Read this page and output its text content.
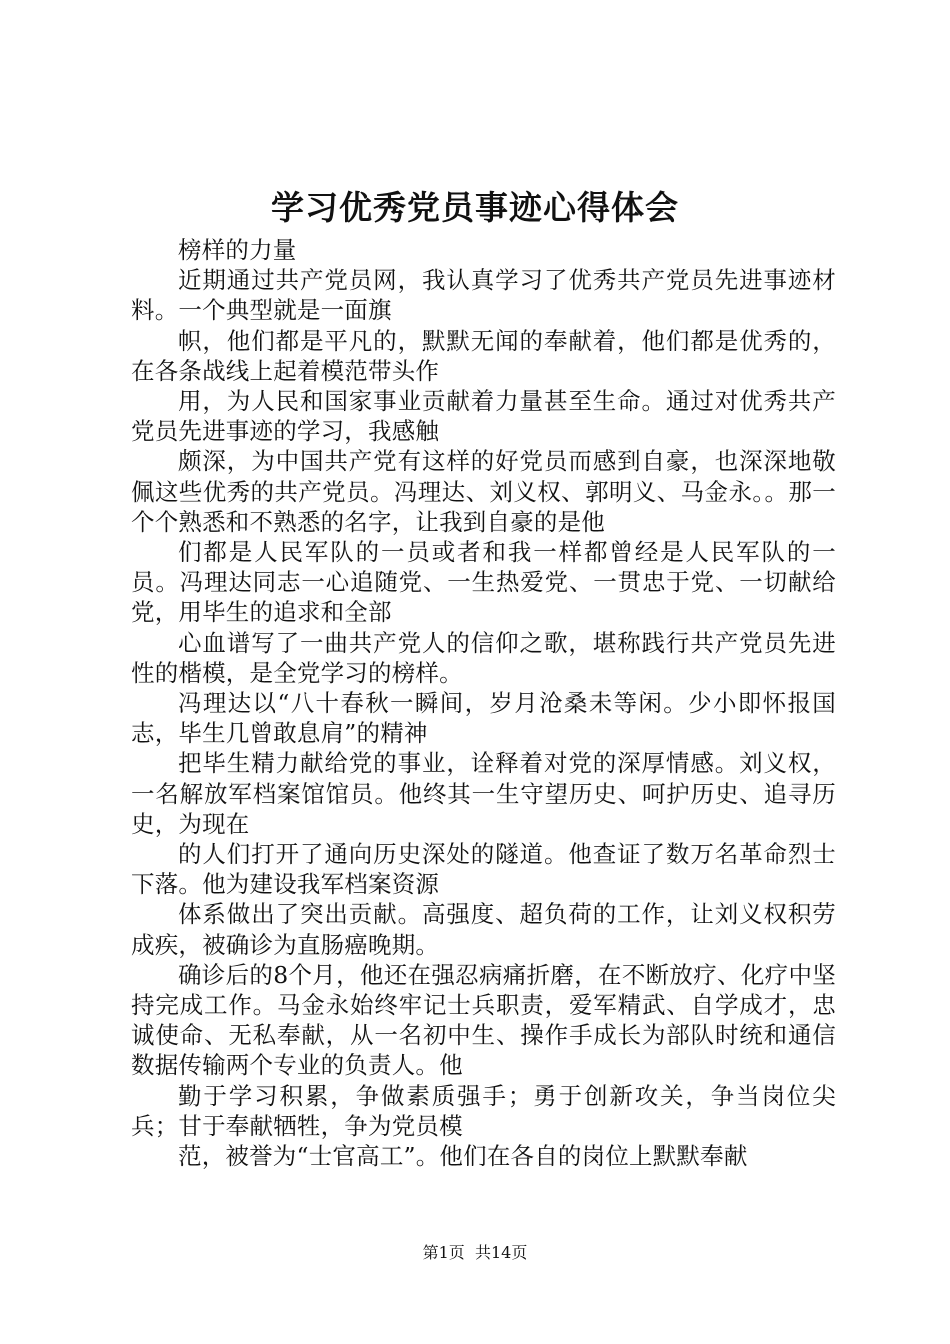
学习优秀党员事迹心得体会

榜样的力量

近期通过共产党员网，我认真学习了优秀共产党员先进事迹材料。一个典型就是一面旗

帜，他们都是平凡的，默默无闻的奉献着，他们都是优秀的，在各条战线上起着模范带头作

用，为人民和国家事业贡献着力量甚至生命。通过对优秀共产党员先进事迹的学习，我感触

颇深，为中国共产党有这样的好党员而感到自豪，也深深地敬佩这些优秀的共产党员。冯理达、刘义权、郭明义、马金永。。那一个个熟悉和不熟悉的名字，让我到自豪的是他

们都是人民军队的一员或者和我一样都曾经是人民军队的一员。冯理达同志一心追随党、一生热爱党、一贯忠于党、一切献给党，用毕生的追求和全部

心血谱写了一曲共产党人的信仰之歌，堪称践行共产党员先进性的楷模，是全党学习的榜样。

冯理达以“八十春秋一瞬间，岁月沧桑未等闲。少小即怀报国志，毕生几曾敢息肩”的精神

把毕生精力献给党的事业，诠释着对党的深厚情感。刘义权，一名解放军档案馆馆员。他终其一生守望历史、呵护历史、追寻历史，为现在

的人们打开了通向历史深处的隧道。他查证了数万名革命烈士下落。他为建设我军档案资源

体系做出了突出贡献。高强度、超负荷的工作，让刘义权积劳成疾，被确诊为直肠癌晚期。

确诊后的8个月，他还在强忍病痛折磨，在不断放疗、化疗中坚持完成工作。马金永始终牢记士兵职责，爱军精武、自学成才，忠诚使命、无私奉献，从一名初中生、操作手成长为部队时统和通信数据传输两个专业的负责人。他

勤于学习积累，争做素质强手；勇于创新攻关，争当岗位尖兵；甘于奉献牺牲，争为党员模

范，被誉为“士官高工”。他们在各自的岗位上默默奉献

第1页 共14页
